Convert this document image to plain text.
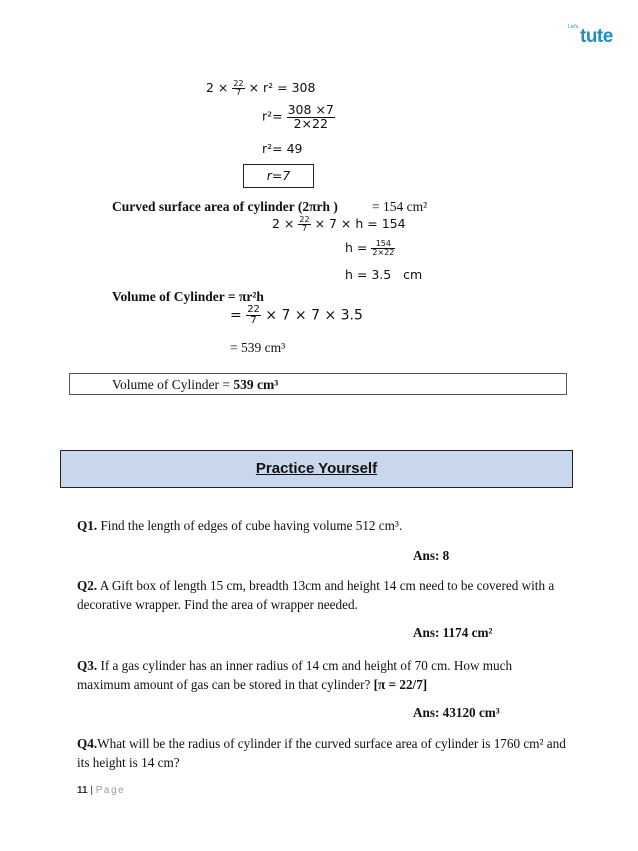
Let's tute
$2 \times \frac{22}{7} \times r^2 = 308$
$r^2= \frac{308 \times 7}{2\times 22}$
r²= 49
r=7
Curved surface area of cylinder (2πrh )	= 154 cm²
$2 \times \frac{22}{7} \times 7 \times h = 154$
$h = \frac{154}{2\times 22}$
h = 3.5   cm
Volume of Cylinder = πr²h
= $\frac{22}{7} \times 7 \times 7 \times 3.5$
= 539 cm³
Volume of Cylinder = 539 cm³
Practice Yourself
Q1. Find the length of edges of cube having volume 512 cm³.
Ans: 8
Q2. A Gift box of length 15 cm, breadth 13cm and height 14 cm need to be covered with a decorative wrapper. Find the area of wrapper needed.
Ans: 1174 cm²
Q3. If a gas cylinder has an inner radius of 14 cm and height of 70 cm. How much maximum amount of gas can be stored in that cylinder? [π = 22/7]
Ans: 43120 cm³
Q4.What will be the radius of cylinder if the curved surface area of cylinder is 1760 cm² and its height is 14 cm?
11 | Page
